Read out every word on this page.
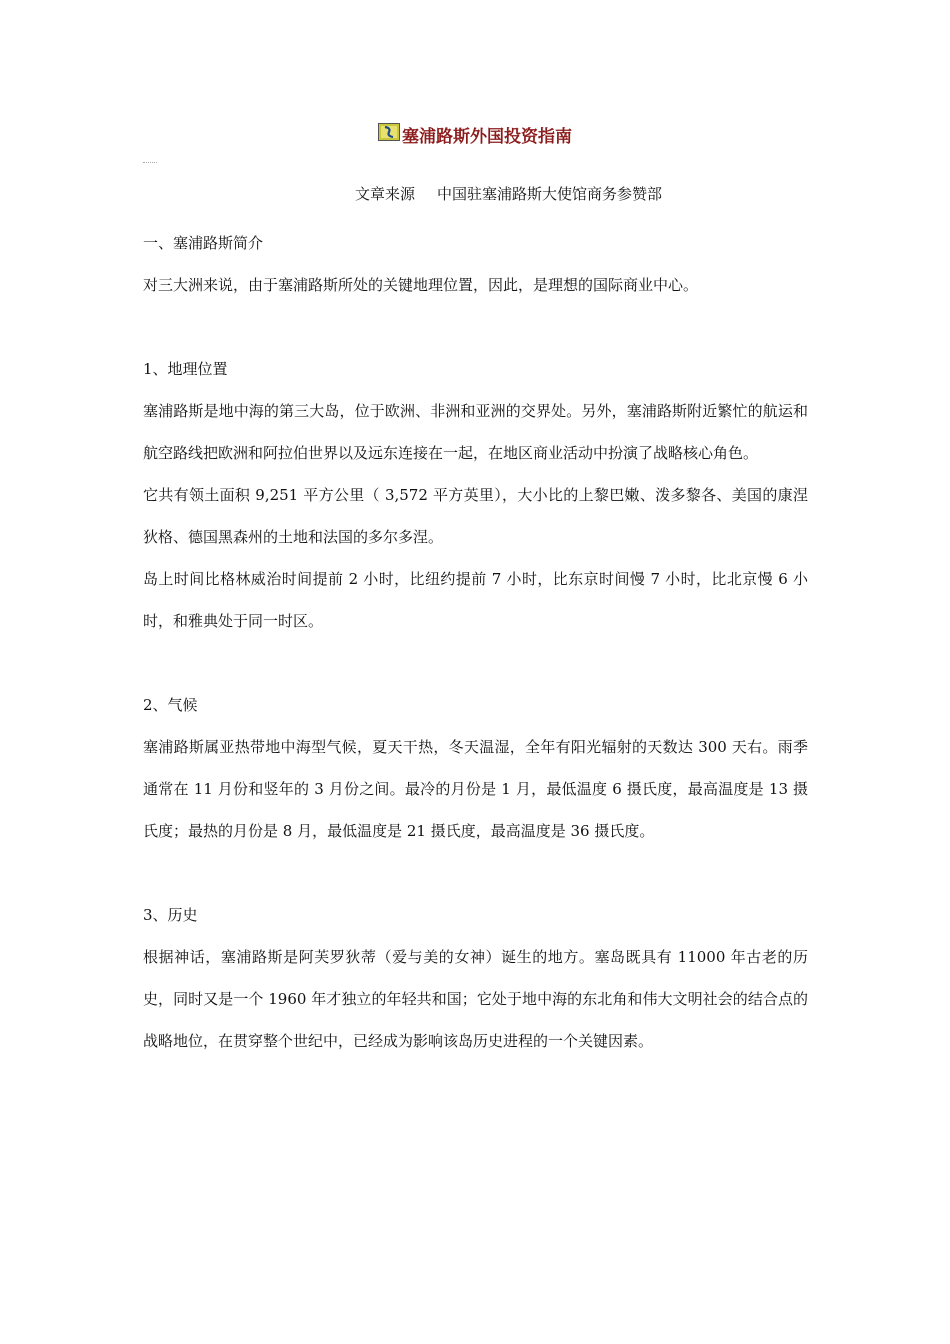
塞浦路斯外国投资指南
文章来源 中国驻塞浦路斯大使馆商务参赞部

一、塞浦路斯简介

对三大洲来说，由于塞浦路斯所处的关键地理位置，因此，是理想的国际商业中心。

1、地理位置

塞浦路斯是地中海的第三大岛，位于欧洲、非洲和亚洲的交界处。另外，塞浦路斯附近繁忙的航运和航空路线把欧洲和阿拉伯世界以及远东连接在一起，在地区商业活动中扮演了战略核心角色。

它共有领土面积 9,251 平方公里（ 3,572 平方英里），大小比的上黎巴嫩、泼多黎各、美国的康涅狄格、德国黑森州的土地和法国的多尔多涅。

岛上时间比格林威治时间提前 2 小时，比纽约提前 7 小时，比东京时间慢 7 小时，比北京慢 6 小时，和雅典处于同一时区。

2、气候

塞浦路斯属亚热带地中海型气候，夏天干热，冬天温湿，全年有阳光辐射的天数达 300 天右。雨季通常在 11 月份和竖年的 3 月份之间。最冷的月份是 1 月，最低温度 6 摄氏度，最高温度是 13 摄氏度；最热的月份是 8 月，最低温度是 21 摄氏度，最高温度是 36 摄氏度。

3、历史

根据神话，塞浦路斯是阿芙罗狄蒂（爱与美的女神）诞生的地方。塞岛既具有 11000 年古老的历史，同时又是一个 1960 年才独立的年轻共和国；它处于地中海的东北角和伟大文明社会的结合点的战略地位，在贯穿整个世纪中，已经成为影响该岛历史进程的一个关键因素。
